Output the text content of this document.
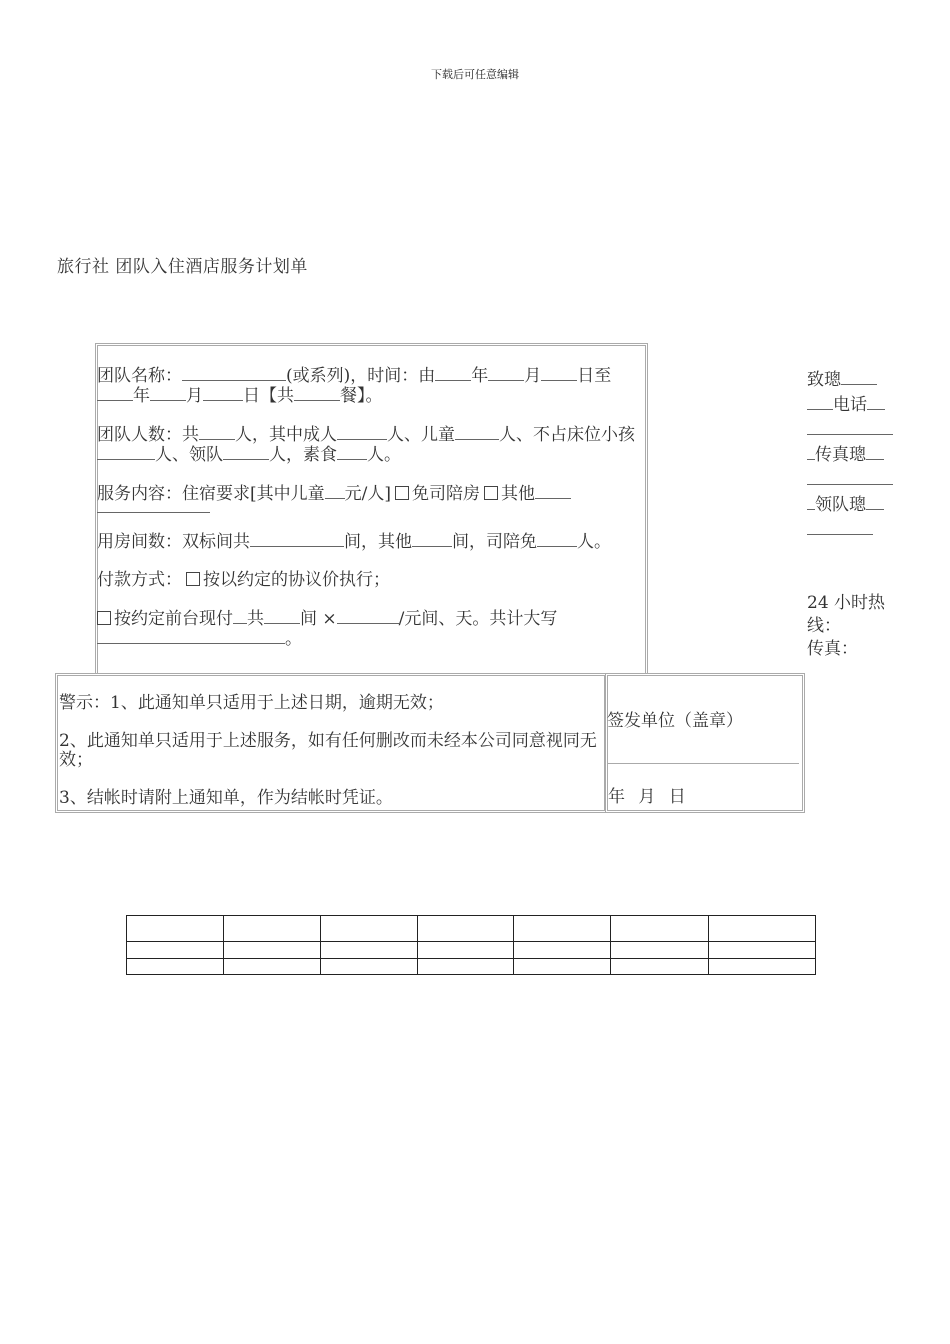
下载后可任意编辑
旅行社 团队入住酒店服务计划单

团队名称：	(或系列)，时间：由 年 月 日至年 月 日【共	餐】。

团队人数：共 人，其中成人	人、儿童	人、不占床位小孩人、领队	人，素食 人。

服务内容：住宿要求[其中儿童 元/人] 免司陪房 其他

用房间数：双标间共	间，其他 间，司陪免 人。

付款方式： 按以约定的协议价执行；

按约定前台现付 共 间 ×	/元间、天。共计大写。

致璁
电话
传真璁
领队璁
24 小时热线：
传真：

警示：1、此通知单只适用于上述日期，逾期无效；

2、此通知单只适用于上述服务，如有任何删改而未经本公司同意视同无效；

3、结帐时请附上通知单，作为结帐时凭证。

签发单位（盖章）
年 月 日
